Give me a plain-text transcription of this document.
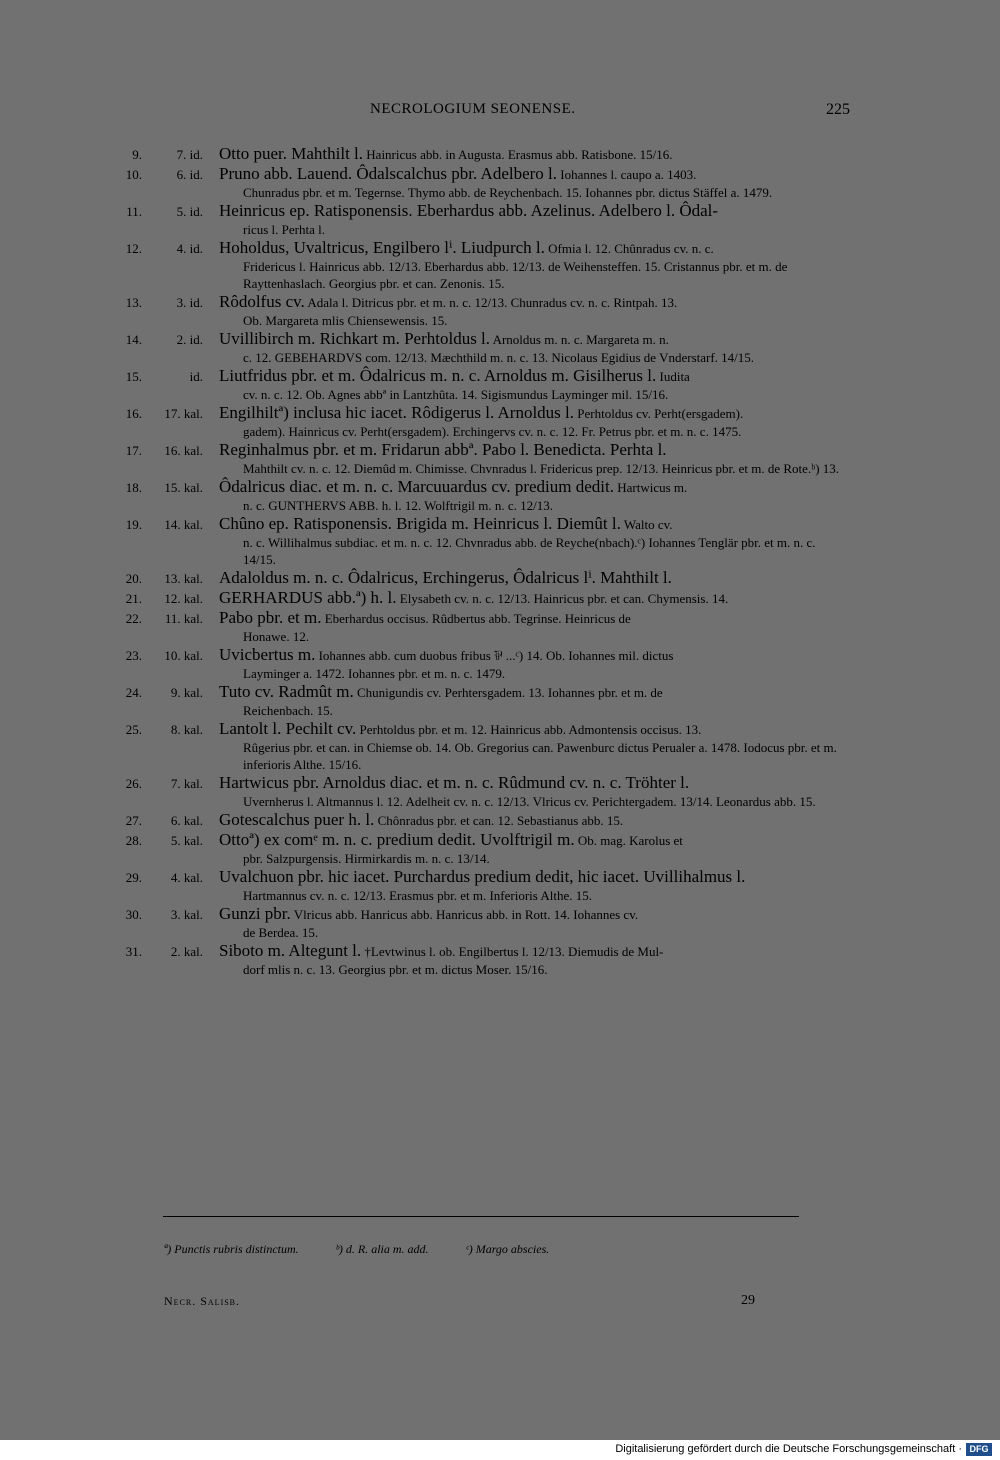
NECROLOGIUM SEONENSE.	225
9.	7. id. Otto puer. Mahthilt l. Hainricus abb. in Augusta. Erasmus abb. Ratisbone. 15/16.
10.	6. id. Pruno abb. Lauend. Ôdalscalchus pbr. Adelbero l. Iohannes l. caupo a. 1403.
Chunradus pbr. et m. Tegernse. Thymo abb. de Reychenbach. 15. Iohannes pbr. dictus Stäffel a. 1479.
11.	5. id. Heinricus ep. Ratisponensis. Eberhardus abb. Azelinus. Adelbero l. Ôdal-
ricus l. Perhta l.
12.	4. id. Hoholdus, Uvaltricus, Engilbero lⁱ. Liudpurch l. Ofmia l. 12. Chûnradus cv. n. c.
Fridericus l. Hainricus abb. 12/13. Eberhardus abb. 12/13. de Weihensteffen. 15. Cristannus pbr. et m. de Rayttenhaslach. Georgius pbr. et can. Zenonis. 15.
13.	3. id. Rôdolfus cv. Adala l. Ditricus pbr. et m. n. c. 12/13. Chunradus cv. n. c. Rintpah. 13.
Ob. Margareta mlis Chiensewensis. 15.
14.	2. id. Uvillibirch m. Richkart m. Perhtoldus l. Arnoldus m. n. c. Margareta m. n.
c. 12. GEBEHARDVS com. 12/13. Mæchthild m. n. c. 13. Nicolaus Egidius de Vnderstarf. 14/15.
15.	id. Liutfridus pbr. et m. Ôdalricus m. n. c. Arnoldus m. Gisilherus l. Iudita
cv. n. c. 12. Ob. Agnes abbª in Lantzhûta. 14. Sigismundus Layminger mil. 15/16.
16.	17. kal. Engilhiltª) inclusa hic iacet. Rôdigerus l. Arnoldus l. Perhtoldus cv. Perht(ersgadem).
gadem). Hainricus cv. Perht(ersgadem). Erchingervs cv. n. c. 12. Fr. Petrus pbr. et m. n. c. 1475.
17.	16. kal. Reginhalmus pbr. et m. Fridarun abbª. Pabo l. Benedicta. Perhta l.
Mahthilt cv. n. c. 12. Diemûd m. Chimisse. Chvnradus l. Fridericus prep. 12/13. Heinricus pbr. et m. de Rote.ᵇ) 13.
18.	15. kal. Ôdalricus diac. et m. n. c. Marcuuardus cv. predium dedit. Hartwicus m.
n. c. GUNTHERVS ABB. h. l. 12. Wolftrigil m. n. c. 12/13.
19.	14. kal. Chûno ep. Ratisponensis. Brigida m. Heinricus l. Diemût l. Walto cv.
n. c. Willihalmus subdiac. et m. n. c. 12. Chvnradus abb. de Reyche(nbach).ᶜ) Iohannes Tenglär pbr. et m. n. c. 14/15.
20.	13. kal. Adaloldus m. n. c. Ôdalricus, Erchingerus, Ôdalricus lⁱ. Mahthilt l.
21.	12. kal. GERHARDUS abb.ª) h. l. Elysabeth cv. n. c. 12/13. Hainricus pbr. et can. Chymensis. 14.
22.	11. kal. Pabo pbr. et m. Eberhardus occisus. Rûdbertus abb. Tegrinse. Heinricus de
Honawe. 12.
23.	10. kal. Uvicbertus m. Iohannes abb. cum duobus fribus ⅌ ...ᶜ) 14. Ob. Iohannes mil. dictus
Layminger a. 1472. Iohannes pbr. et m. n. c. 1479.
24.	9. kal. Tuto cv. Radmût m. Chunigundis cv. Perhtersgadem. 13. Iohannes pbr. et m. de
Reichenbach. 15.
25.	8. kal. Lantolt l. Pechilt cv. Perhtoldus pbr. et m. 12. Hainricus abb. Admontensis occisus. 13.
Rûgerius pbr. et can. in Chiemse ob. 14. Ob. Gregorius can. Pawenburc dictus Perualer a. 1478. Iodocus pbr. et m. inferioris Althe. 15/16.
26.	7. kal. Hartwicus pbr. Arnoldus diac. et m. n. c. Rûdmund cv. n. c. Tröhter l.
Uvernherus l. Altmannus l. 12. Adelheit cv. n. c. 12/13. Vlricus cv. Perichtergadem. 13/14. Leonardus abb. 15.
27.	6. kal. Gotescalchus puer h. l. Chônradus pbr. et can. 12. Sebastianus abb. 15.
28.	5. kal. Ottoª) ex comᵉ m. n. c. predium dedit. Uvolftrigil m. Ob. mag. Karolus et
pbr. Salzpurgensis. Hirmirkardis m. n. c. 13/14.
29.	4. kal. Uvalchuon pbr. hic iacet. Purchardus predium dedit, hic iacet. Uvillihalmus l.
Hartmannus cv. n. c. 12/13. Erasmus pbr. et m. Inferioris Althe. 15.
30.	3. kal. Gunzi pbr. Vlricus abb. Hanricus abb. Hanricus abb. in Rott. 14. Iohannes cv.
de Berdea. 15.
31.	2. kal. Siboto m. Altegunt l. †Levtwinus l. ob. Engilbertus l. 12/13. Diemudis de Mul-
dorf mlis n. c. 13. Georgius pbr. et m. dictus Moser. 15/16.
ª) Punctis rubris distinctum.	ᵇ) d. R. alia m. add.	ᶜ) Margo abscies.
Necr. Salisb.	29
Digitalisierung gefördert durch die Deutsche Forschungsgemeinschaft · DFG
